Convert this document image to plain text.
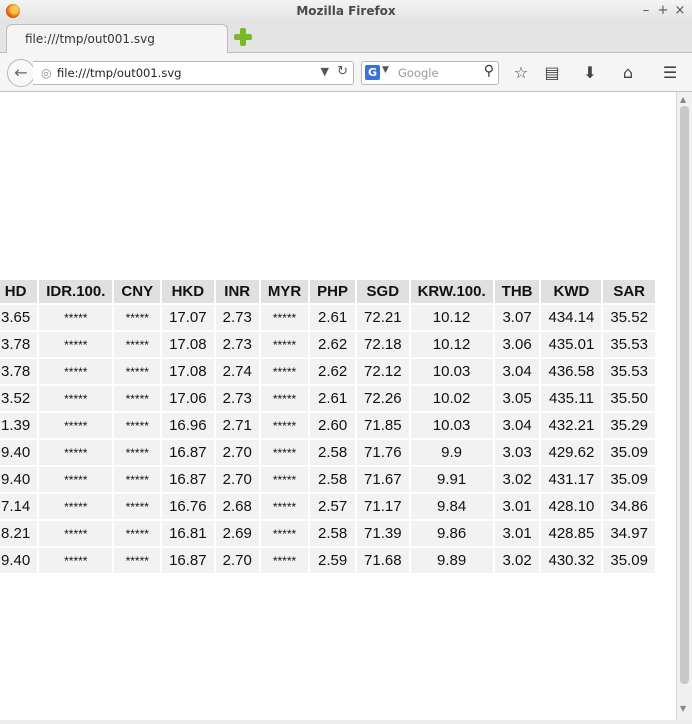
Mozilla Firefox	– + ×
file:///tmp/out001.svg
←	◎ file:///tmp/out001.svg	▼ ↻ G ▼ Google	⚲ ☆ ▤ ⬇	⌂	☰
HD	IDR.100.	CNY	HKD	INR	MYR	PHP	SGD	KRW.100.	THB	KWD	SAR
3.65	*****	*****	17.07	2.73	*****	2.61	72.21	10.12	3.07	434.14	35.52
3.78	*****	*****	17.08	2.73	*****	2.62	72.18	10.12	3.06	435.01	35.53
3.78	*****	*****	17.08	2.74	*****	2.62	72.12	10.03	3.04	436.58	35.53
3.52	*****	*****	17.06	2.73	*****	2.61	72.26	10.02	3.05	435.11	35.50
1.39	*****	*****	16.96	2.71	*****	2.60	71.85	10.03	3.04	432.21	35.29
9.40	*****	*****	16.87	2.70	*****	2.58	71.76	9.9	3.03	429.62	35.09
9.40	*****	*****	16.87	2.70	*****	2.58	71.67	9.91	3.02	431.17	35.09
7.14	*****	*****	16.76	2.68	*****	2.57	71.17	9.84	3.01	428.10	34.86
8.21	*****	*****	16.81	2.69	*****	2.58	71.39	9.86	3.01	428.85	34.97
9.40	*****	*****	16.87	2.70	*****	2.59	71.68	9.89	3.02	430.32	35.09
▲
▼
